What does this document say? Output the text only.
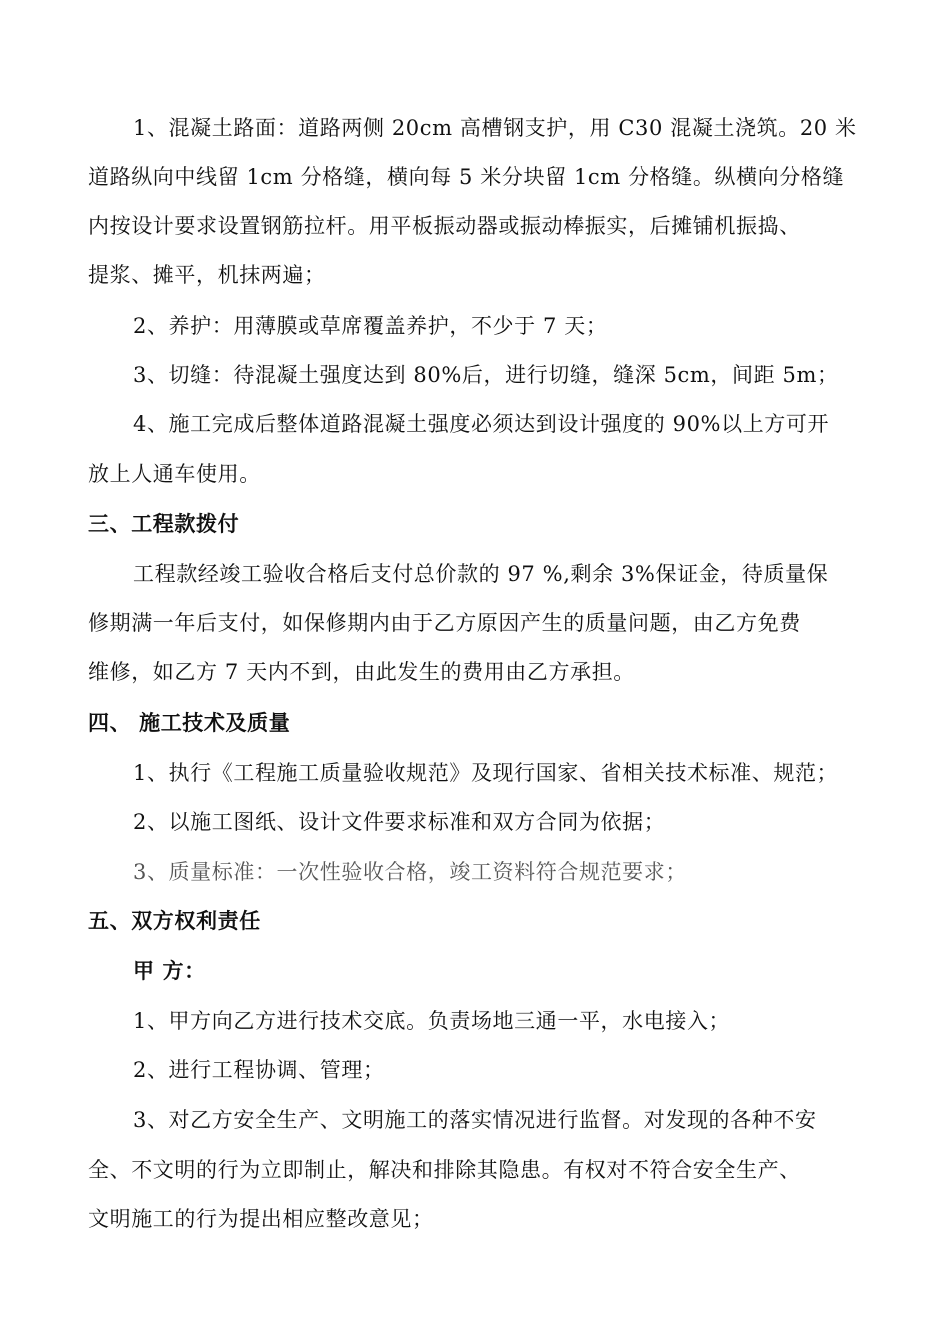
1、混凝土路面：道路两侧 20cm 高槽钢支护，用 C30 混凝土浇筑。20 米
道路纵向中线留 1cm 分格缝，横向每 5 米分块留 1cm 分格缝。纵横向分格缝
内按设计要求设置钢筋拉杆。用平板振动器或振动棒振实，后摊铺机振捣、
提浆、摊平，机抹两遍；
2、养护：用薄膜或草席覆盖养护，不少于 7 天；
3、切缝：待混凝土强度达到 80%后，进行切缝，缝深 5cm，间距 5m；
4、施工完成后整体道路混凝土强度必须达到设计强度的 90%以上方可开
放上人通车使用。
三、工程款拨付
工程款经竣工验收合格后支付总价款的 97 %,剩余 3%保证金，待质量保
修期满一年后支付，如保修期内由于乙方原因产生的质量问题，由乙方免费
维修，如乙方 7 天内不到，由此发生的费用由乙方承担。
四、 施工技术及质量
1、执行《工程施工质量验收规范》及现行国家、省相关技术标准、规范；
2、以施工图纸、设计文件要求标准和双方合同为依据；
3、质量标准：一次性验收合格，竣工资料符合规范要求；
五、双方权利责任
甲 方：
1、甲方向乙方进行技术交底。负责场地三通一平，水电接入；
2、进行工程协调、管理；
3、对乙方安全生产、文明施工的落实情况进行监督。对发现的各种不安
全、不文明的行为立即制止，解决和排除其隐患。有权对不符合安全生产、
文明施工的行为提出相应整改意见；
